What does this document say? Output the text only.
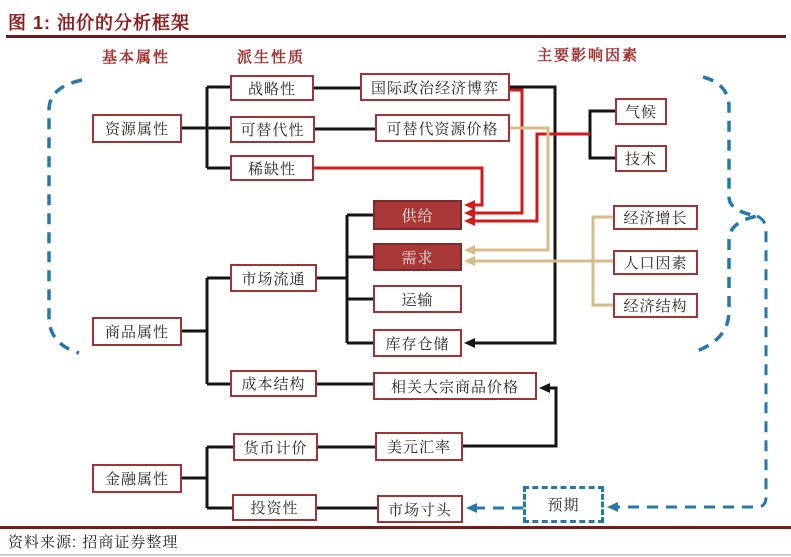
图 1: 油价的分析框架
基本属性	派生性质	主要影响因素
资源属性
商品属性
金融属性
战略性
可替代性
稀缺性
市场流通
成本结构
货币计价
投资性
国际政治经济博弈
可替代资源价格
供给
需求
运输
库存仓储
相关大宗商品价格
美元汇率
市场寸头	预期
气候
技术
经济增长
人口因素
经济结构
资料来源: 招商证券整理
